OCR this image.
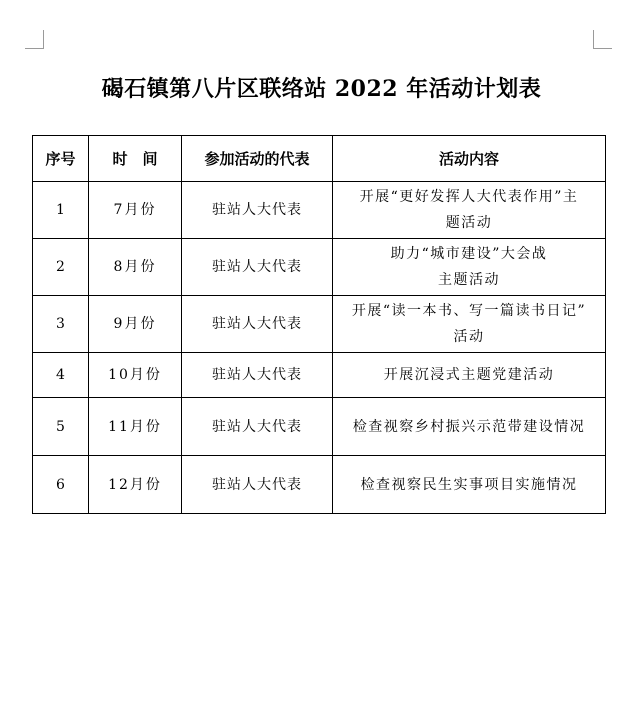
碣石镇第八片区联络站 2022 年活动计划表
序号	时　间	参加活动的代表	活动内容
1	7月份	驻站人大代表	开展“更好发挥人大代表作用”主
题活动
2	8月份	驻站人大代表	助力“城市建设”大会战
主题活动
3	9月份	驻站人大代表	开展“读一本书、写一篇读书日记”
活动
4	10月份	驻站人大代表	开展沉浸式主题党建活动
5	11月份	驻站人大代表	检查视察乡村振兴示范带建设情况
6	12月份	驻站人大代表	检查视察民生实事项目实施情况
